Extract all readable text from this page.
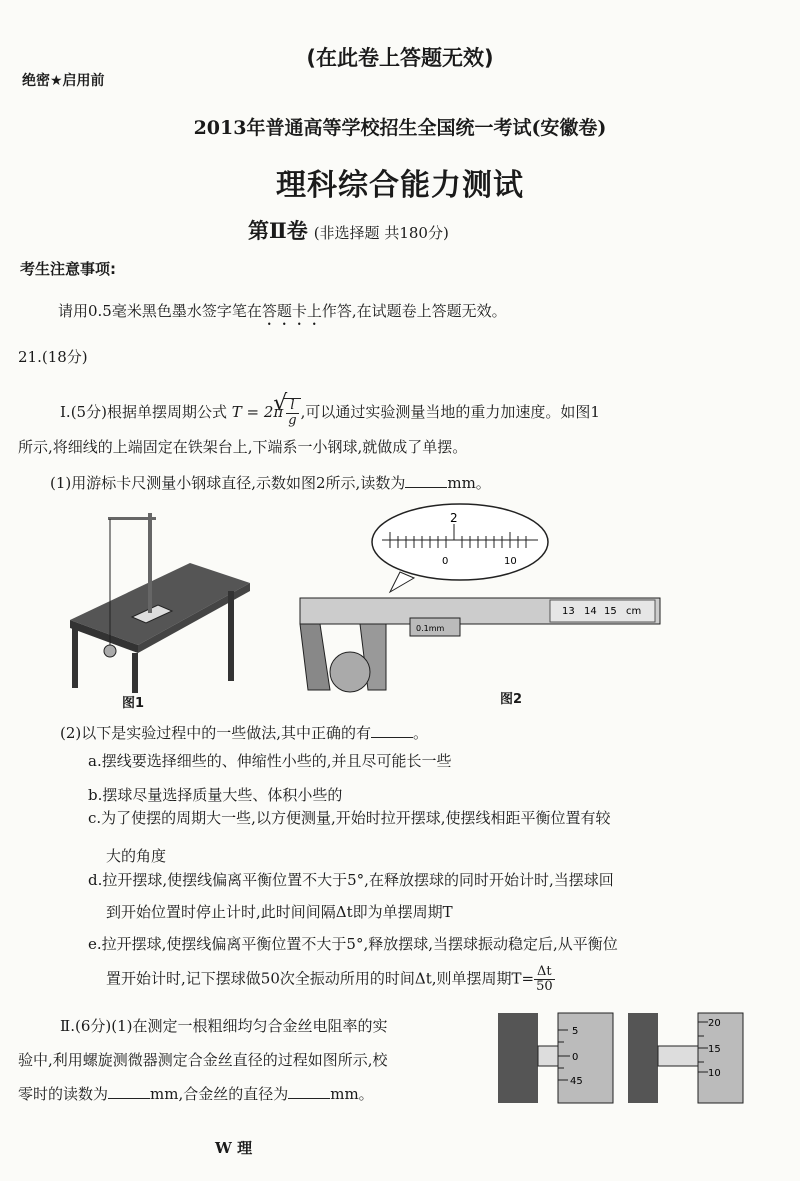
(在此卷上答题无效)
绝密★启用前
2013年普通高等学校招生全国统一考试(安徽卷)
理科综合能力测试
第Ⅱ卷 (非选择题 共180分)
考生注意事项:
请用0.5毫米黑色墨水签字笔在答题卡上作答,在试题卷上答题无效。
21.(18分)
Ⅰ.(5分)根据单摆周期公式 T = 2π
√ $\frac{l}{g}$ ,可以通过实验测量当地的重力加速度。如图1
所示,将细线的上端固定在铁架台上,下端系一小钢球,就做成了单摆。
(1)用游标卡尺测量小钢球直径,示数如图2所示,读数为	mm。
图1
2
0	10
13 14 15 cm
0.1mm
图2
(2)以下是实验过程中的一些做法,其中正确的有	。
a.摆线要选择细些的、伸缩性小些的,并且尽可能长一些
b.摆球尽量选择质量大些、体积小些的
c.为了使摆的周期大一些,以方便测量,开始时拉开摆球,使摆线相距平衡位置有较
大的角度
d.拉开摆球,使摆线偏离平衡位置不大于5°,在释放摆球的同时开始计时,当摆球回
到开始位置时停止计时,此时间间隔Δt即为单摆周期T
e.拉开摆球,使摆线偏离平衡位置不大于5°,释放摆球,当摆球振动稳定后,从平衡位
置开始计时,记下摆球做50次全振动所用的时间Δt,则单摆周期$T= \frac{\Delta t}{50}$
Ⅱ.(6分)(1)在测定一根粗细均匀合金丝电阻率的实
验中,利用螺旋测微器测定合金丝直径的过程如图所示,校
零时的读数为	mm,合金丝的直径为	mm。
5
0
45
20
15
10
W 理
